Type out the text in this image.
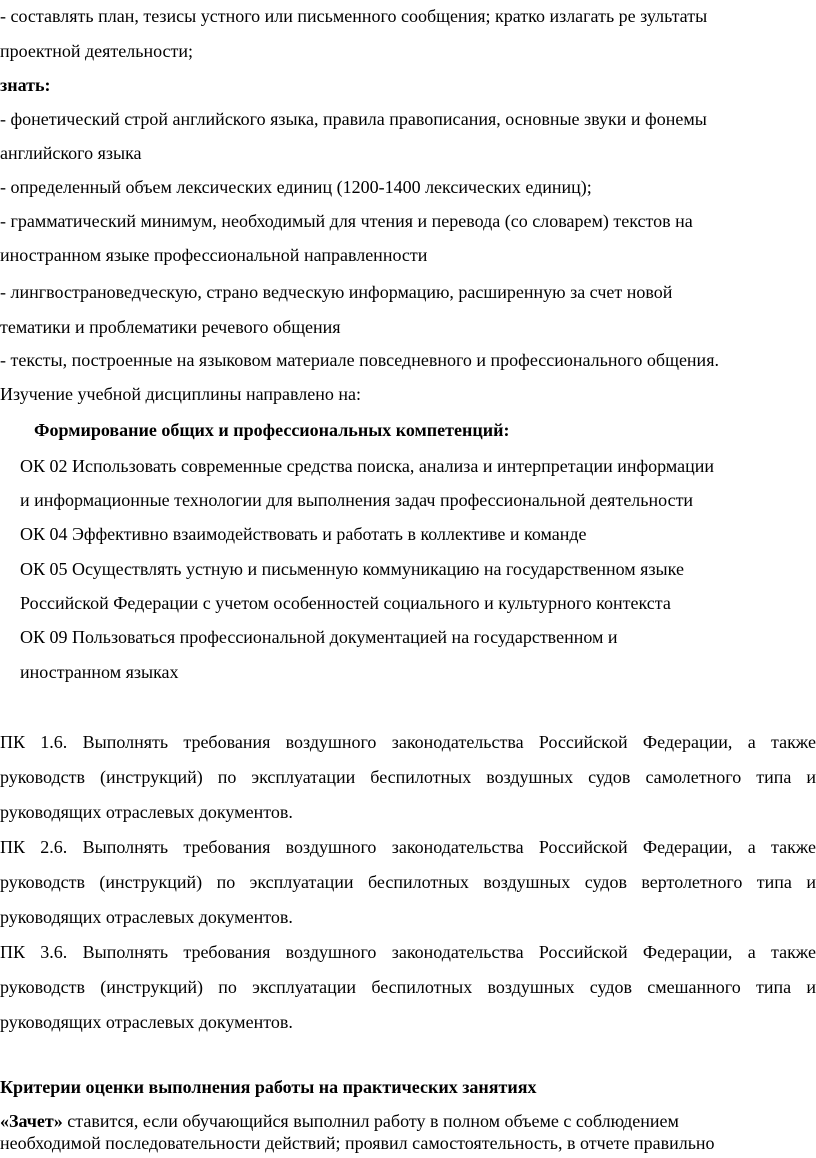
- составлять план, тезисы устного или письменного сообщения; кратко излагать ре зультаты
проектной деятельности;
знать:
- фонетический строй английского языка, правила правописания, основные звуки и фонемы
английского языка
- определенный объем лексических единиц (1200-1400 лексических единиц);
- грамматический минимум, необходимый для чтения и перевода (со словарем) текстов на
иностранном языке профессиональной направленности
- лингвострановедческую, страно ведческую информацию, расширенную за счет новой
тематики и проблематики речевого общения
- тексты, построенные на языковом материале повседневного и профессионального общения.
Изучение учебной дисциплины направлено на:
Формирование общих и профессиональных компетенций:
ОК 02 Использовать современные средства поиска, анализа и интерпретации информации
и информационные технологии для выполнения задач профессиональной деятельности
ОК 04 Эффективно взаимодействовать и работать в коллективе и команде
ОК 05 Осуществлять устную и письменную коммуникацию на государственном языке
Российской Федерации с учетом особенностей социального и культурного контекста
ОК 09 Пользоваться профессиональной документацией на государственном и
иностранном языках
ПК 1.6. Выполнять требования воздушного законодательства Российской Федерации, а также
руководств (инструкций) по эксплуатации беспилотных воздушных судов самолетного типа и
руководящих отраслевых документов.
ПК 2.6. Выполнять требования воздушного законодательства Российской Федерации, а также
руководств (инструкций) по эксплуатации беспилотных воздушных судов вертолетного типа и
руководящих отраслевых документов.
ПК 3.6. Выполнять требования воздушного законодательства Российской Федерации, а также
руководств (инструкций) по эксплуатации беспилотных воздушных судов смешанного типа и
руководящих отраслевых документов.
Критерии оценки выполнения работы на практических занятиях
«Зачет» ставится, если обучающийся выполнил работу в полном объеме с соблюдением
необходимой последовательности действий; проявил самостоятельность, в отчете правильно
